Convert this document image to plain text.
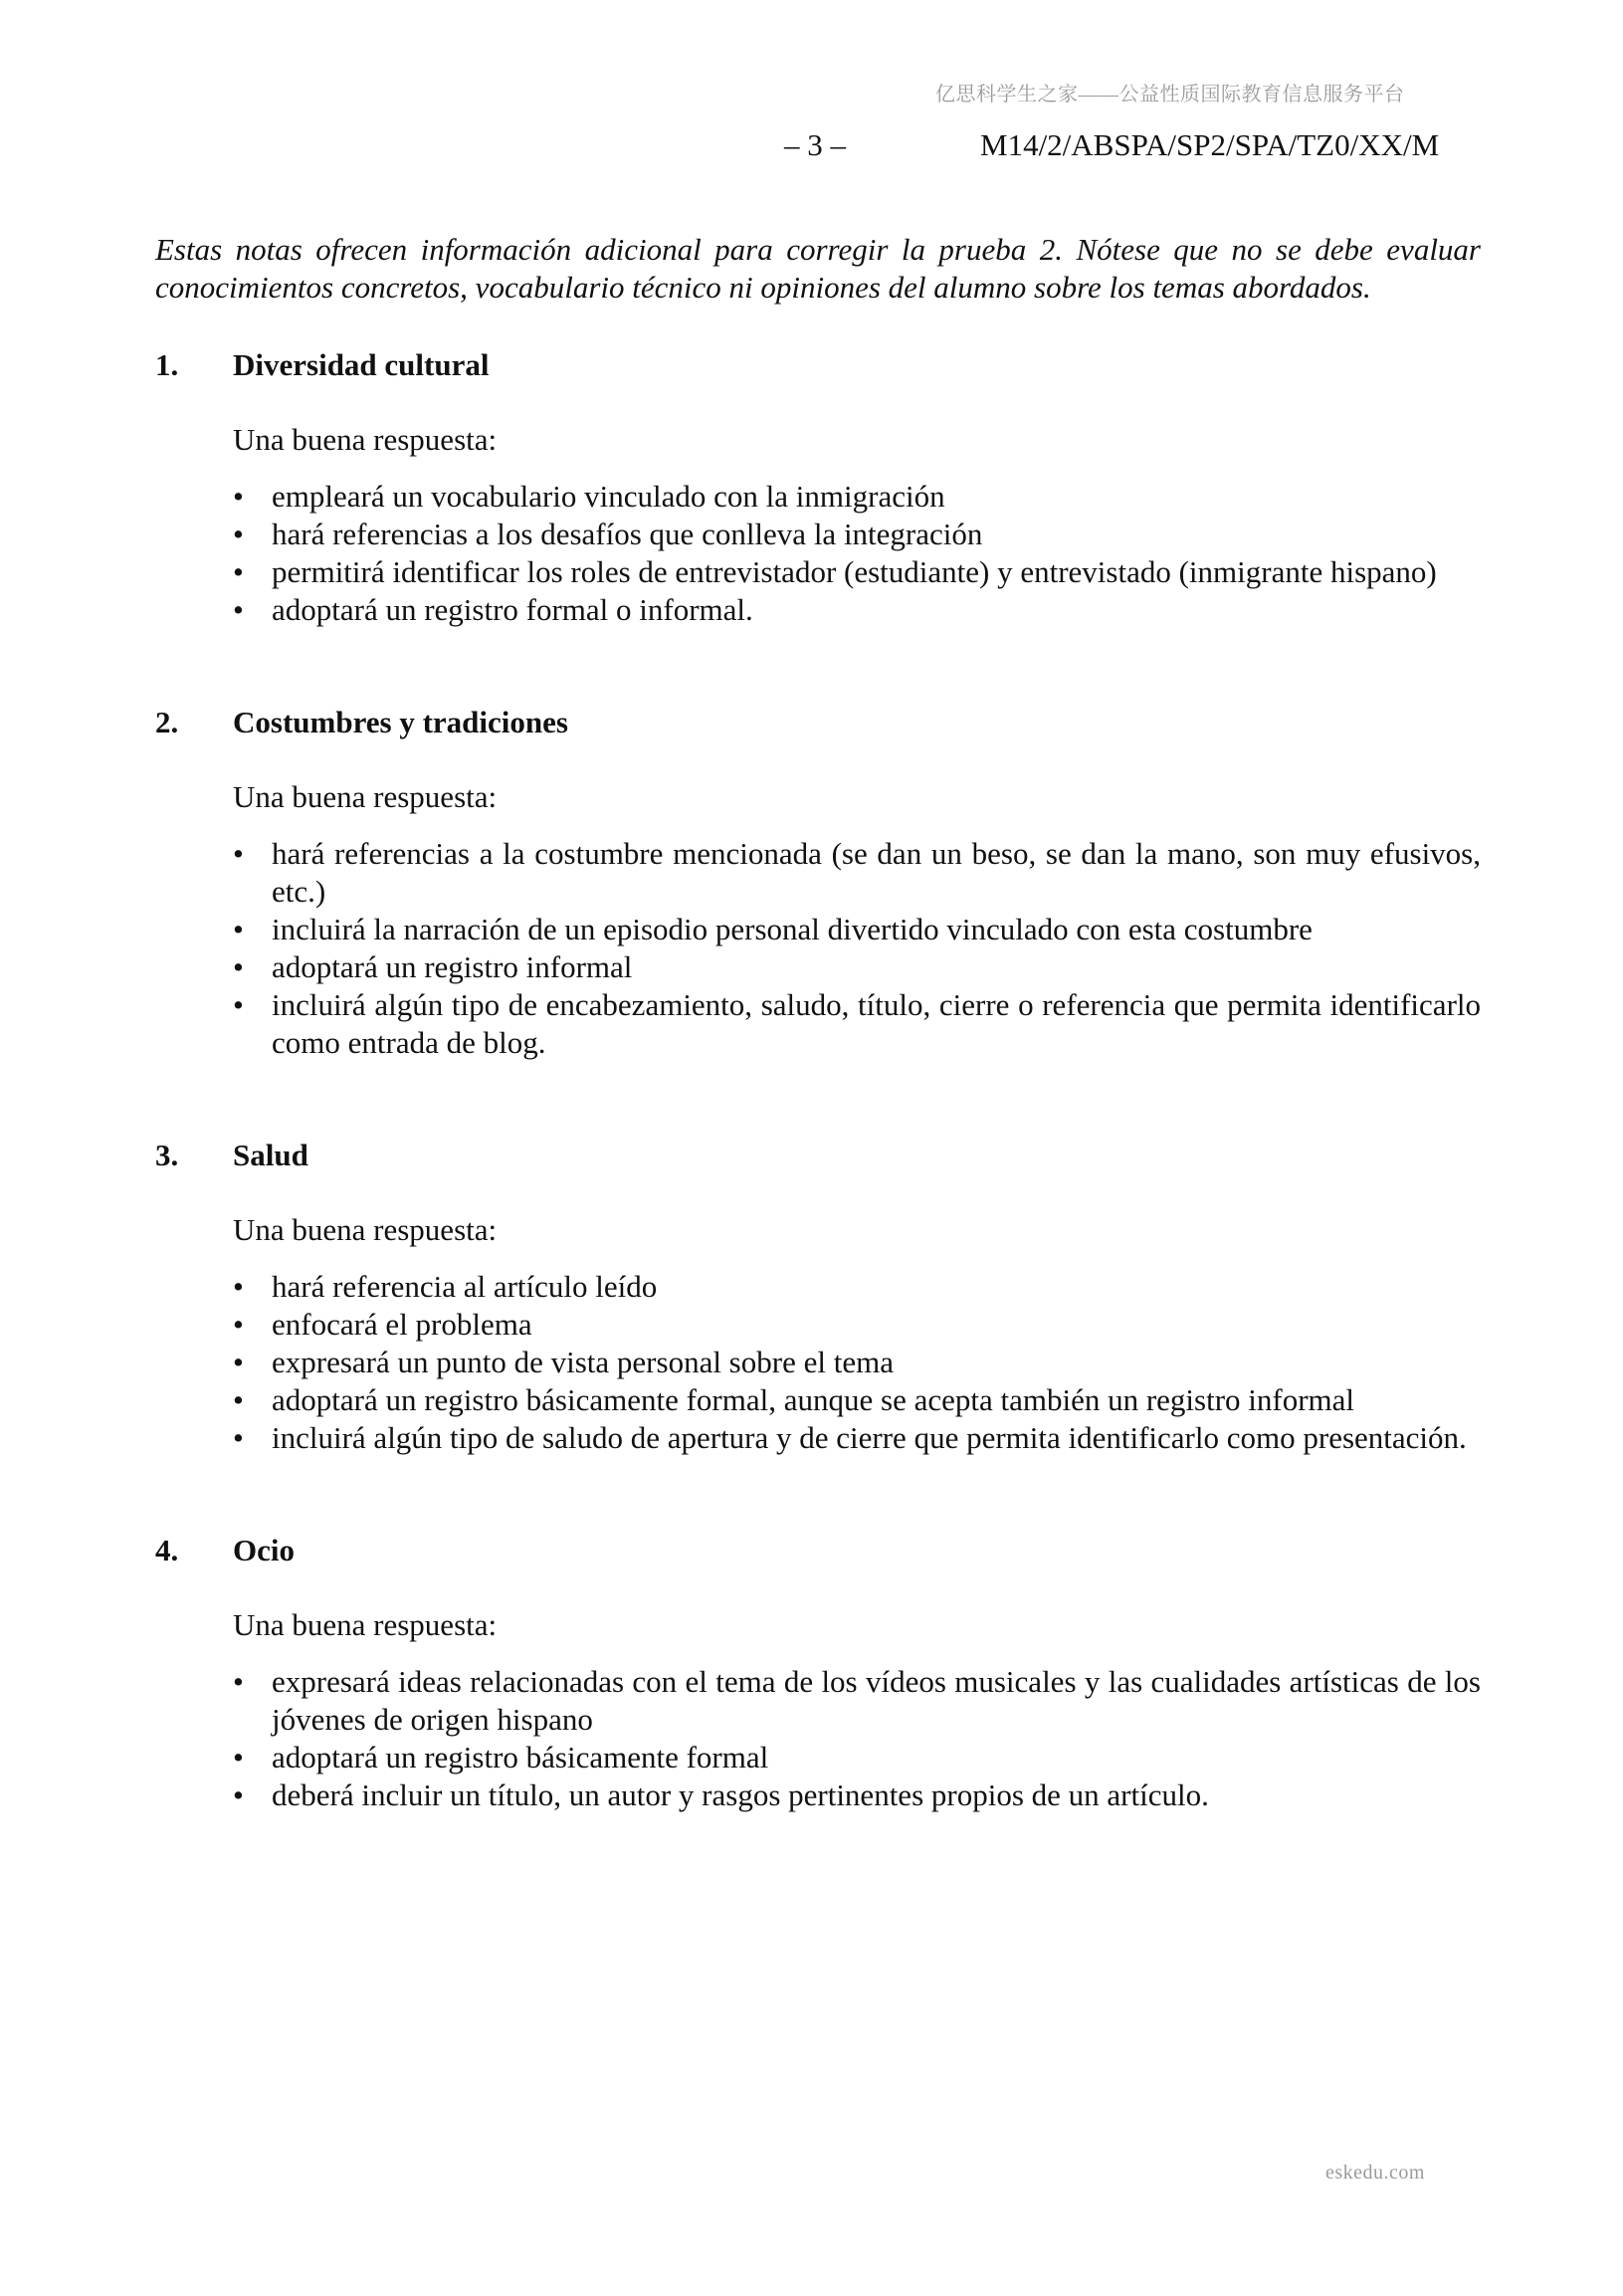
亿思科学生之家——公益性质国际教育信息服务平台
– 3 –	M14/2/ABSPA/SP2/SPA/TZ0/XX/M

Estas notas ofrecen información adicional para corregir la prueba 2. Nótese que no se debe evaluar conocimientos concretos, vocabulario técnico ni opiniones del alumno sobre los temas abordados.

1.	Diversidad cultural

Una buena respuesta:

• empleará un vocabulario vinculado con la inmigración
• hará referencias a los desafíos que conlleva la integración
• permitirá identificar los roles de entrevistador (estudiante) y entrevistado (inmigrante hispano)
• adoptará un registro formal o informal.
2.	Costumbres y tradiciones

Una buena respuesta:

• hará referencias a la costumbre mencionada (se dan un beso, se dan la mano, son muy efusivos, etc.)
• incluirá la narración de un episodio personal divertido vinculado con esta costumbre
• adoptará un registro informal
• incluirá algún tipo de encabezamiento, saludo, título, cierre o referencia que permita identificarlo como entrada de blog.
3.	Salud

Una buena respuesta:

• hará referencia al artículo leído
• enfocará el problema
• expresará un punto de vista personal sobre el tema
• adoptará un registro básicamente formal, aunque se acepta también un registro informal
• incluirá algún tipo de saludo de apertura y de cierre que permita identificarlo como presentación.
4.	Ocio

Una buena respuesta:

• expresará ideas relacionadas con el tema de los vídeos musicales y las cualidades artísticas de los jóvenes de origen hispano
• adoptará un registro básicamente formal
• deberá incluir un título, un autor y rasgos pertinentes propios de un artículo.
eskedu.com
